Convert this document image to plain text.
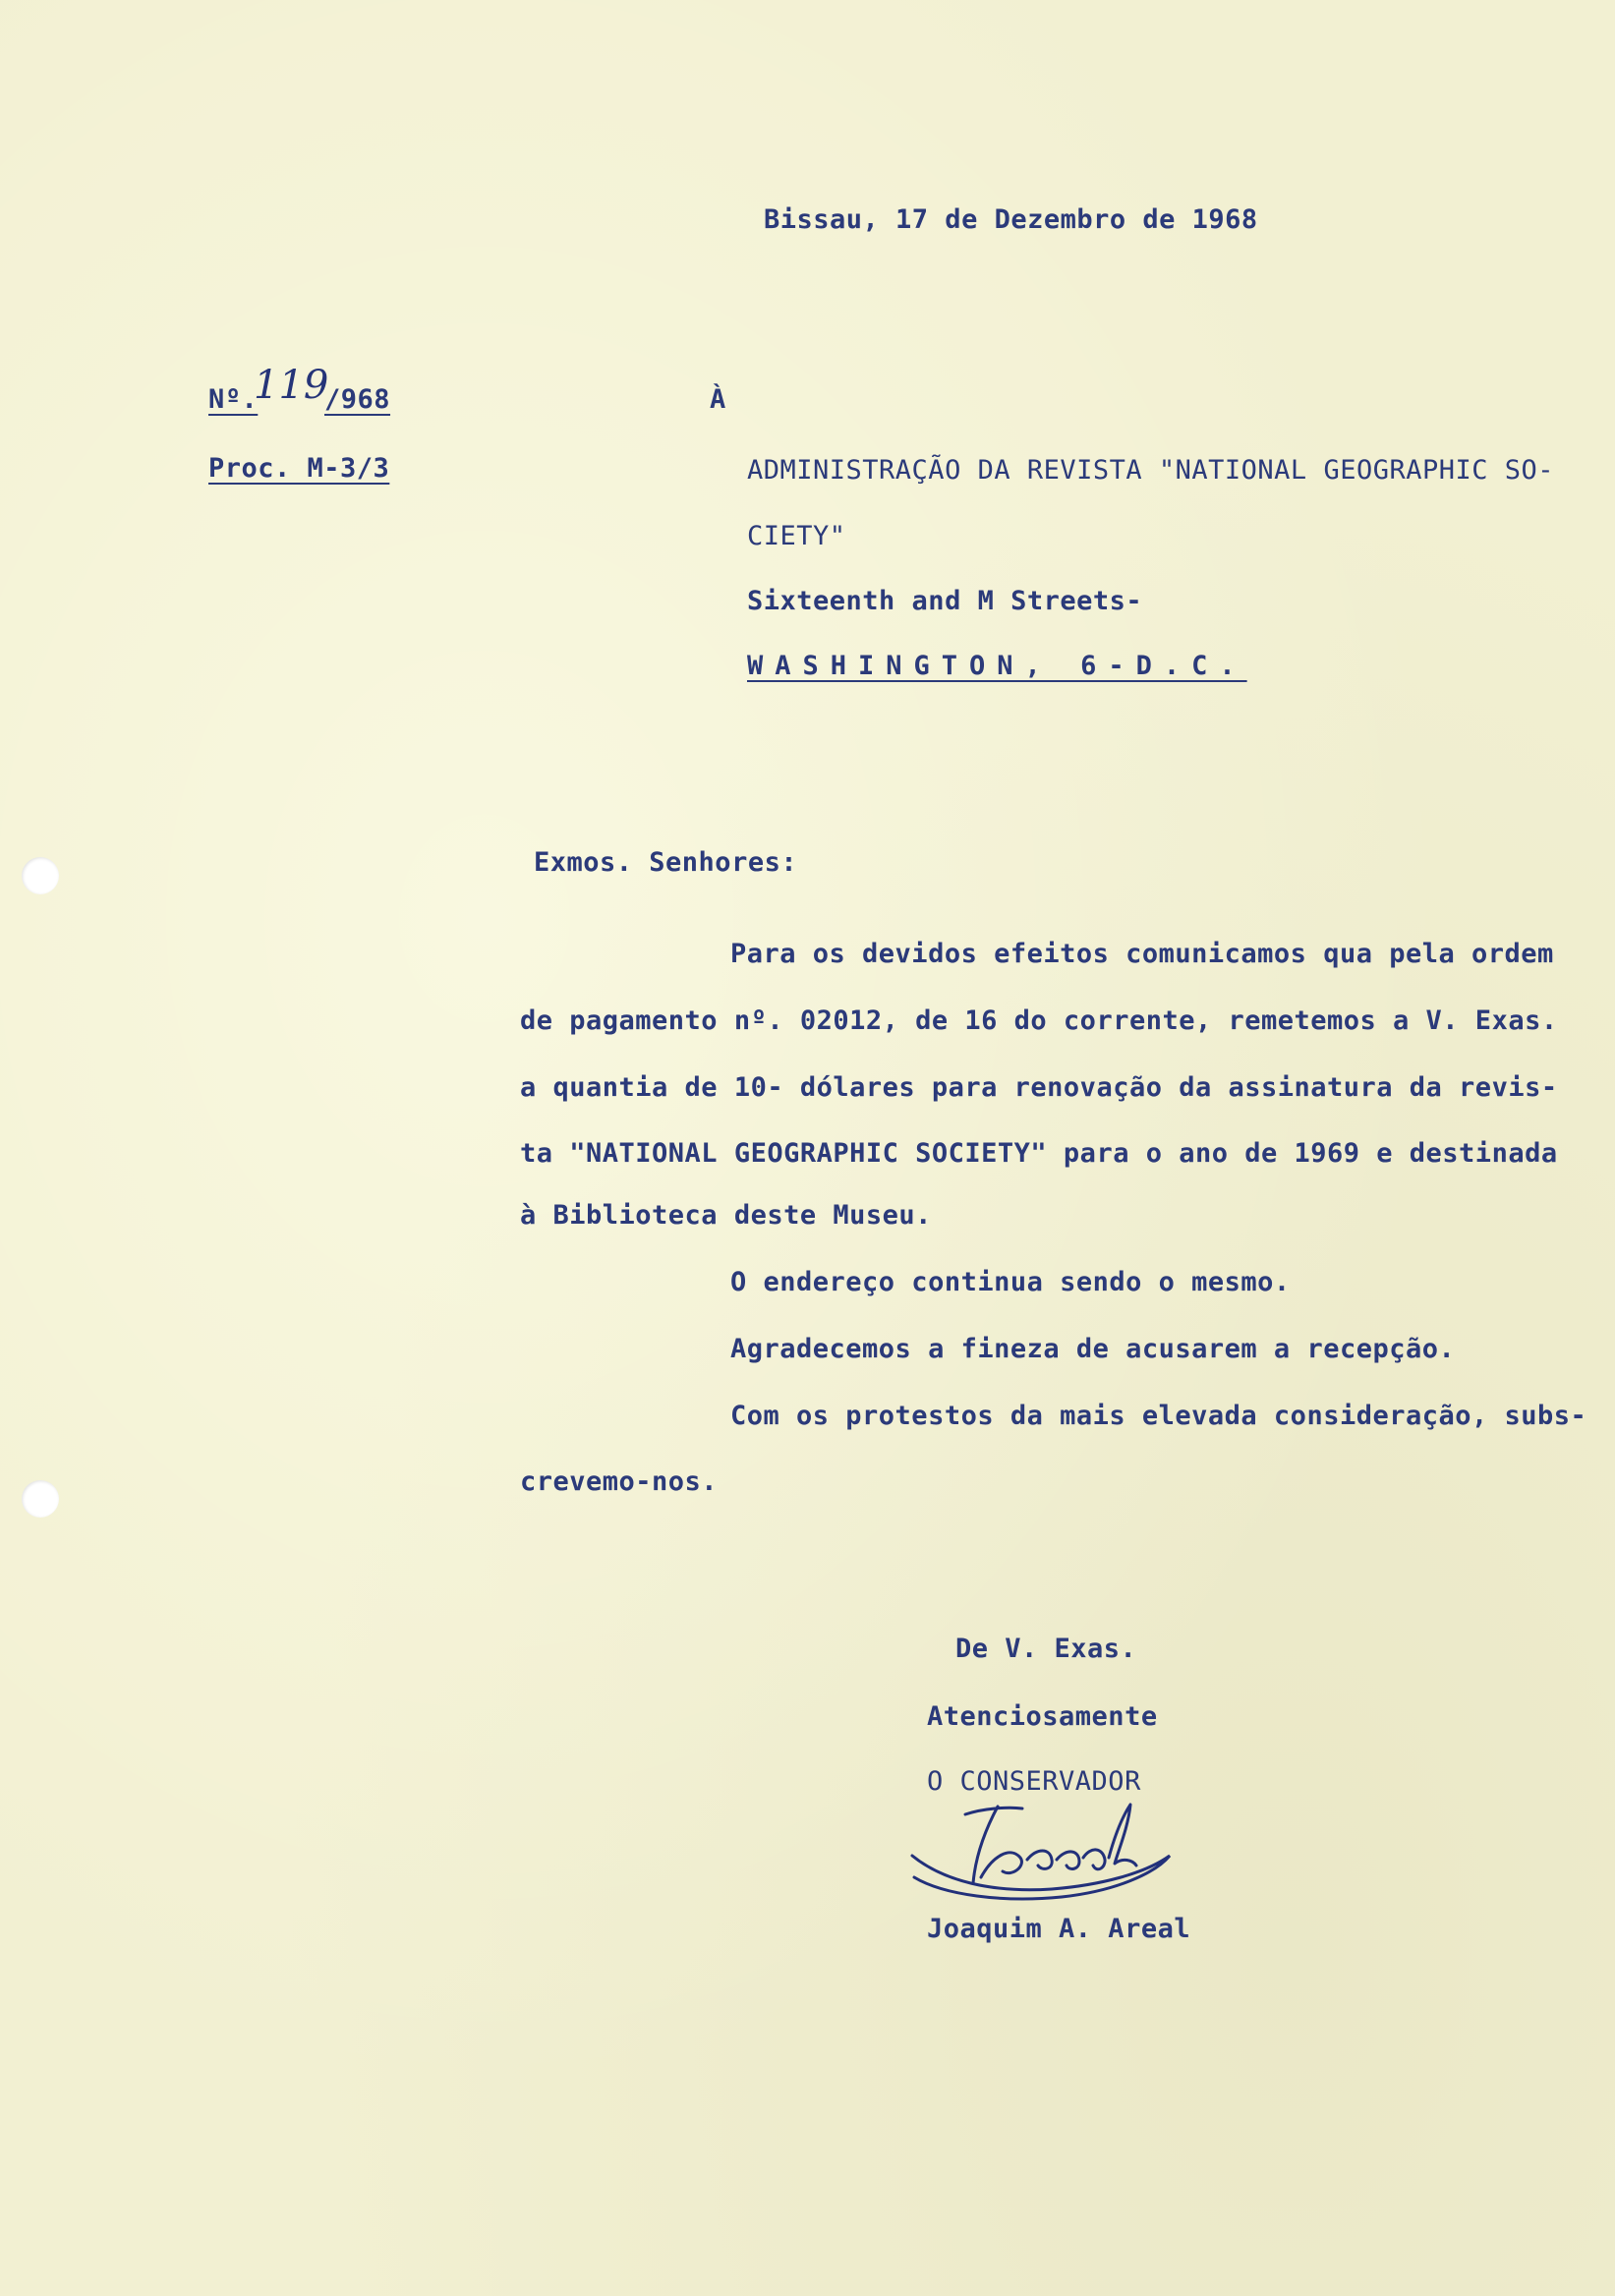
Bissau, 17 de Dezembro de 1968
Nº.
119
/968
Proc. M-3/3
À
ADMINISTRAÇÃO DA REVISTA "NATIONAL GEOGRAPHIC SO-
CIETY"
Sixteenth and M Streets-
WASHINGTON, 6-D.C.
Exmos. Senhores:
Para os devidos efeitos comunicamos qua pela ordem
de pagamento nº. 02012, de 16 do corrente, remetemos a V. Exas.
a quantia de 10- dólares para renovação da assinatura da revis-
ta "NATIONAL GEOGRAPHIC SOCIETY" para o ano de 1969 e destinada
à Biblioteca deste Museu.
O endereço continua sendo o mesmo.
Agradecemos a fineza de acusarem a recepção.
Com os protestos da mais elevada consideração, subs-
crevemo-nos.
De V. Exas.
Atenciosamente
O CONSERVADOR
Joaquim A. Areal
